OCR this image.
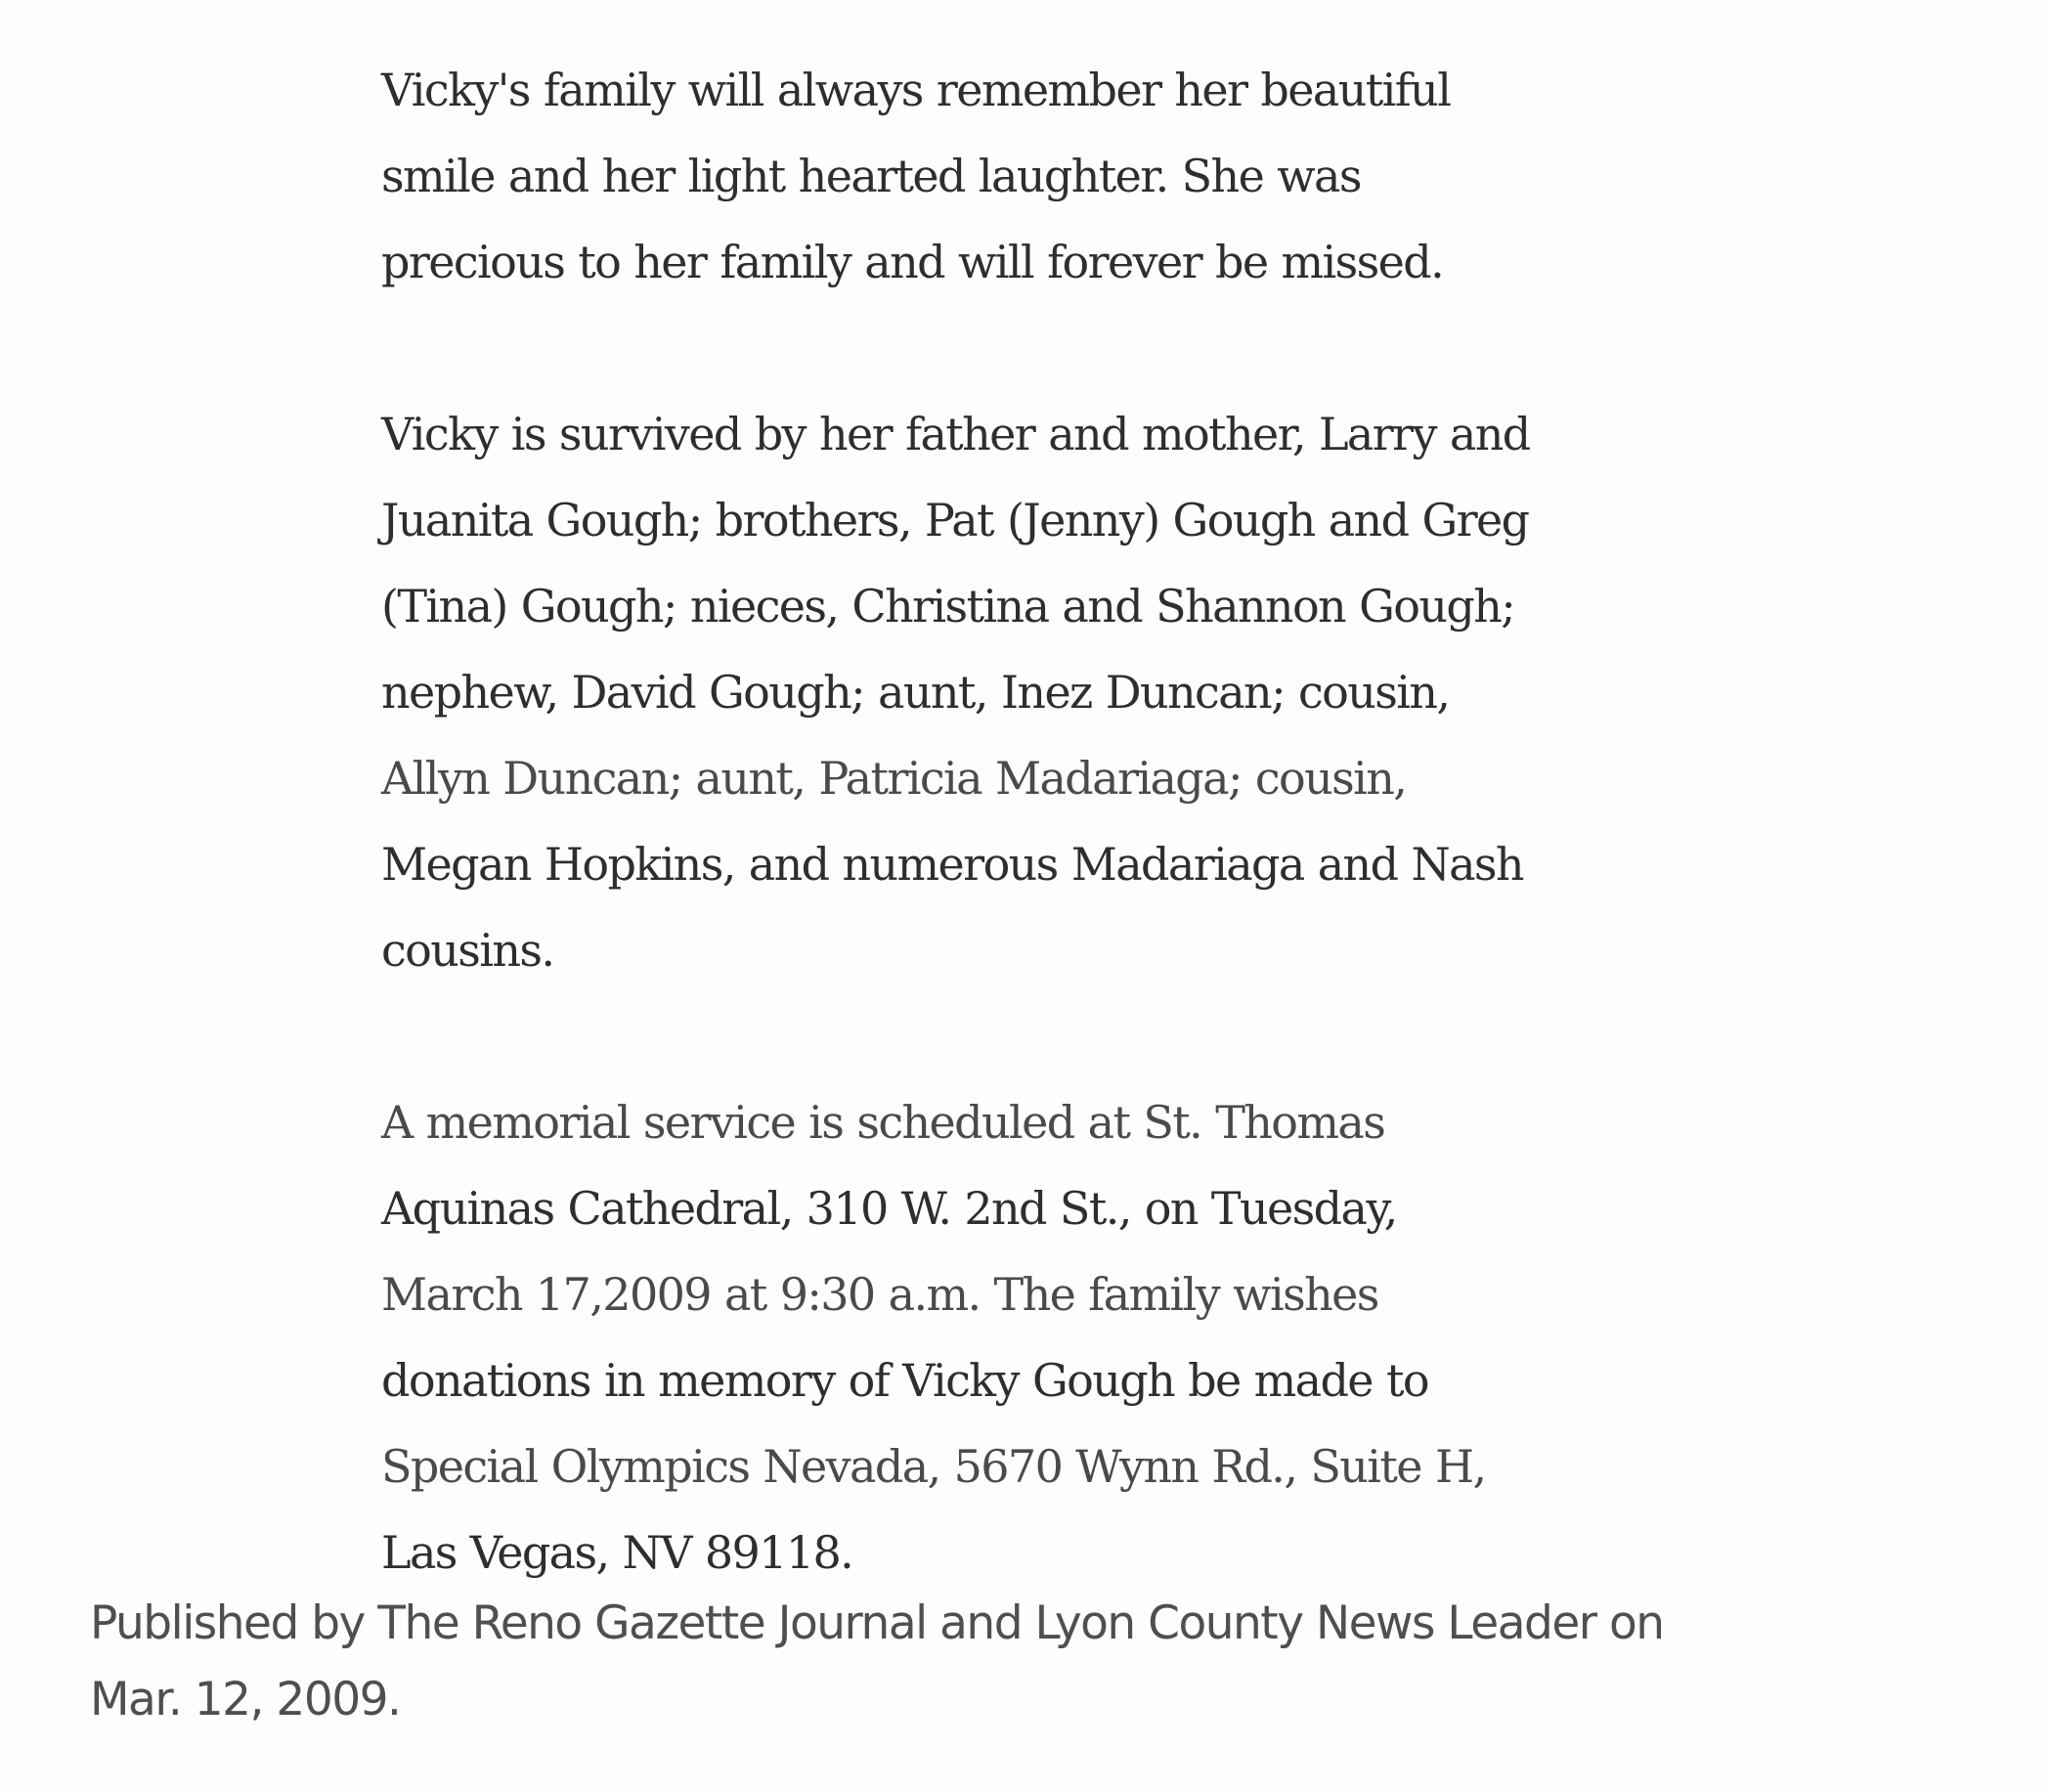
Vicky's family will always remember her beautiful
smile and her light hearted laughter. She was
precious to her family and will forever be missed.

Vicky is survived by her father and mother, Larry and
Juanita Gough; brothers, Pat (Jenny) Gough and Greg
(Tina) Gough; nieces, Christina and Shannon Gough;
nephew, David Gough; aunt, Inez Duncan; cousin,
Allyn Duncan; aunt, Patricia Madariaga; cousin,
Megan Hopkins, and numerous Madariaga and Nash
cousins.

A memorial service is scheduled at St. Thomas
Aquinas Cathedral, 310 W. 2nd St., on Tuesday,
March 17,2009 at 9:30 a.m. The family wishes
donations in memory of Vicky Gough be made to
Special Olympics Nevada, 5670 Wynn Rd., Suite H,
Las Vegas, NV 89118.

Published by The Reno Gazette Journal and Lyon County News Leader on
Mar. 12, 2009.
